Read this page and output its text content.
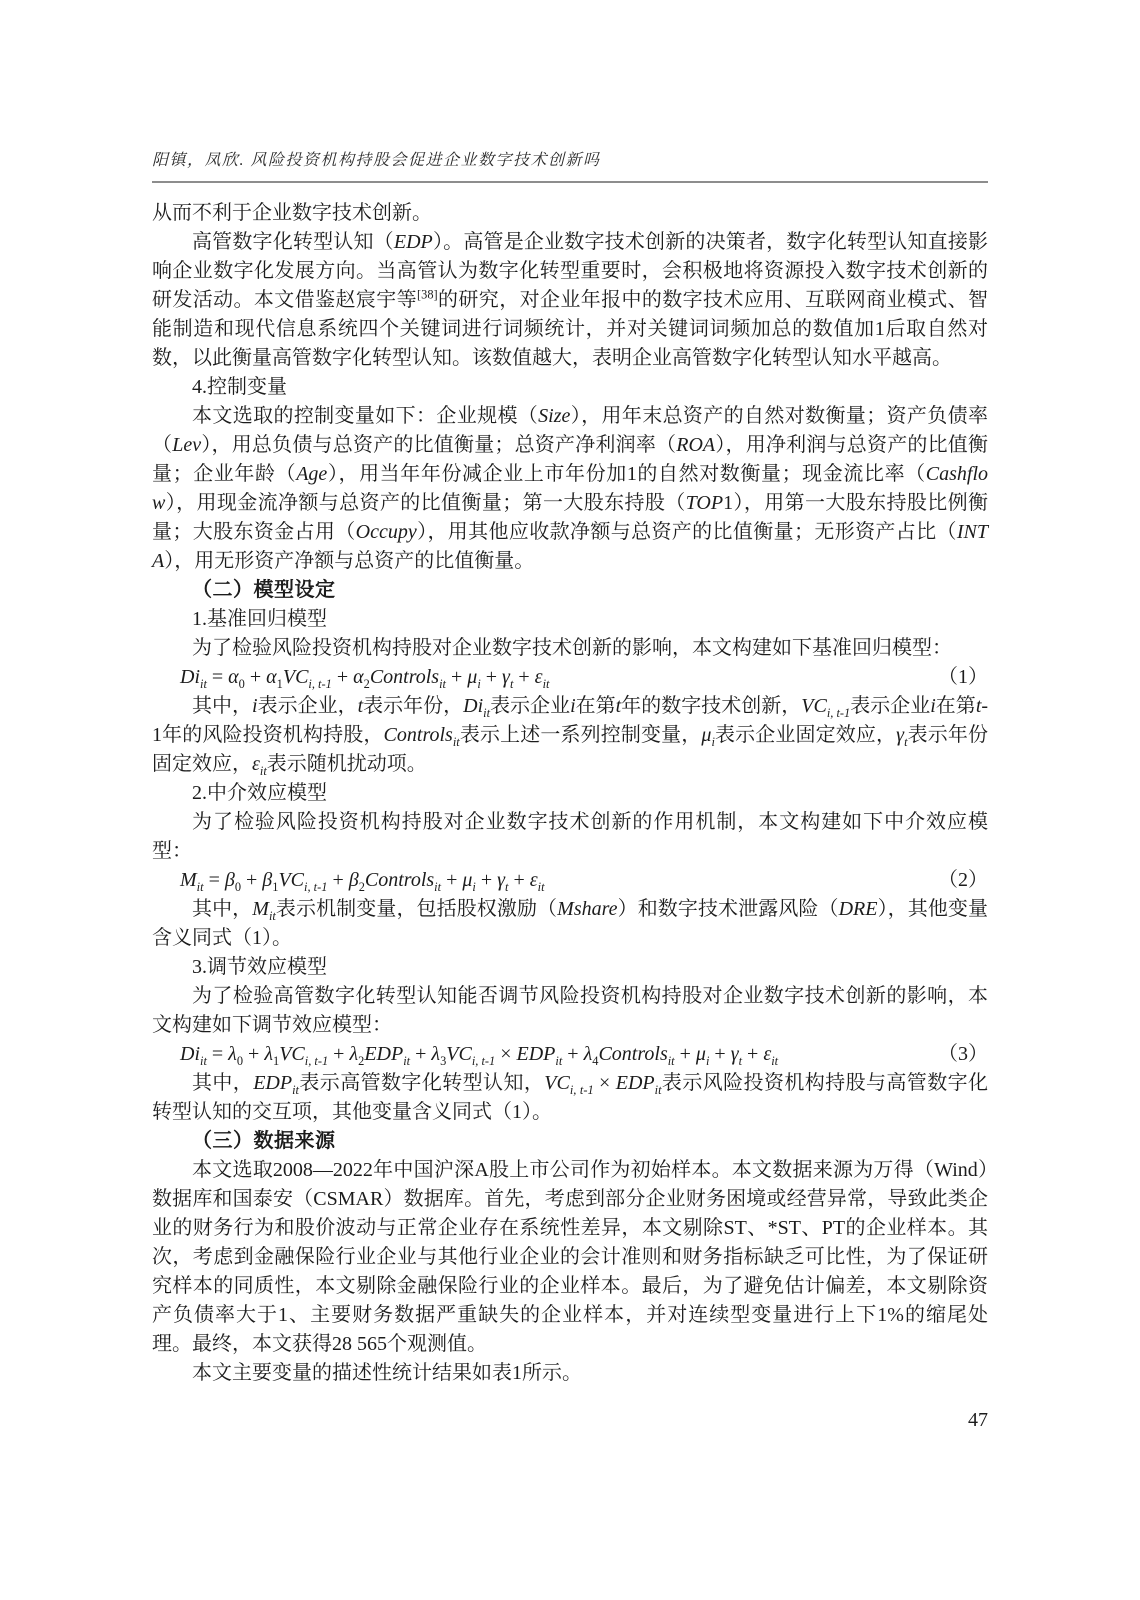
阳镇，凤欣. 风险投资机构持股会促进企业数字技术创新吗

从而不利于企业数字技术创新。

高管数字化转型认知（EDP）。高管是企业数字技术创新的决策者，数字化转型认知直接影响企业数字化发展方向。当高管认为数字化转型重要时，会积极地将资源投入数字技术创新的研发活动。本文借鉴赵宸宇等[38]的研究，对企业年报中的数字技术应用、互联网商业模式、智能制造和现代信息系统四个关键词进行词频统计，并对关键词词频加总的数值加1后取自然对数，以此衡量高管数字化转型认知。该数值越大，表明企业高管数字化转型认知水平越高。

4.控制变量

本文选取的控制变量如下：企业规模（Size），用年末总资产的自然对数衡量；资产负债率（Lev），用总负债与总资产的比值衡量；总资产净利润率（ROA），用净利润与总资产的比值衡量；企业年龄（Age），用当年年份减企业上市年份加1的自然对数衡量；现金流比率（Cashflow），用现金流净额与总资产的比值衡量；第一大股东持股（TOP1），用第一大股东持股比例衡量；大股东资金占用（Occupy），用其他应收款净额与总资产的比值衡量；无形资产占比（INTA），用无形资产净额与总资产的比值衡量。

（二）模型设定

1.基准回归模型

为了检验风险投资机构持股对企业数字技术创新的影响，本文构建如下基准回归模型：

$Di_{it} = \alpha_0 + \alpha_1VC_{i, t-1}$ + $\alpha_2Controls_{it} + \mu_i + \gamma_t + \varepsilon_{it}$	（1）

其中，i表示企业，t表示年份，$Di_{it}$表示企业i在第t年的数字技术创新，$VC_{i, t-1}$表示企业i在第t-1年的风险投资机构持股，Controls$_{it}$表示上述一系列控制变量，$\mu_i$表示企业固定效应，$\gamma_t$表示年份固定效应，$\varepsilon_{it}$表示随机扰动项。

2.中介效应模型

为了检验风险投资机构持股对企业数字技术创新的作用机制，本文构建如下中介效应模型：

$M_{it} = \beta_0 + \beta_1VC_{i, t-1}$ + $\beta_2Controls_{it} + \mu_i + \gamma_t + \varepsilon_{it}$	（2）

其中，$M_{it}$表示机制变量，包括股权激励（Mshare）和数字技术泄露风险（DRE），其他变量含义同式（1）。

3.调节效应模型

为了检验高管数字化转型认知能否调节风险投资机构持股对企业数字技术创新的影响，本文构建如下调节效应模型：

$Di_{it} = \lambda_0 + \lambda_1VC_{i, t-1} + \lambda_2EDP_{it} + \lambda_3VC_{i, t-1} \times EDP_{it}$ + $\lambda_4Controls_{it} + \mu_i + \gamma_t + \varepsilon_{it}$	（3）

其中，$EDP_{it}$表示高管数字化转型认知，$VC_{i, t-1} \times EDP_{it}$表示风险投资机构持股与高管数字化转型认知的交互项，其他变量含义同式（1）。

（三）数据来源

本文选取2008—2022年中国沪深A股上市公司作为初始样本。本文数据来源为万得（Wind）数据库和国泰安（CSMAR）数据库。首先，考虑到部分企业财务困境或经营异常，导致此类企业的财务行为和股价波动与正常企业存在系统性差异，本文剔除ST、*ST、PT的企业样本。其次，考虑到金融保险行业企业与其他行业企业的会计准则和财务指标缺乏可比性，为了保证研究样本的同质性，本文剔除金融保险行业的企业样本。最后，为了避免估计偏差，本文剔除资产负债率大于1、主要财务数据严重缺失的企业样本，并对连续型变量进行上下1%的缩尾处理。最终，本文获得28 565个观测值。

本文主要变量的描述性统计结果如表1所示。

47
